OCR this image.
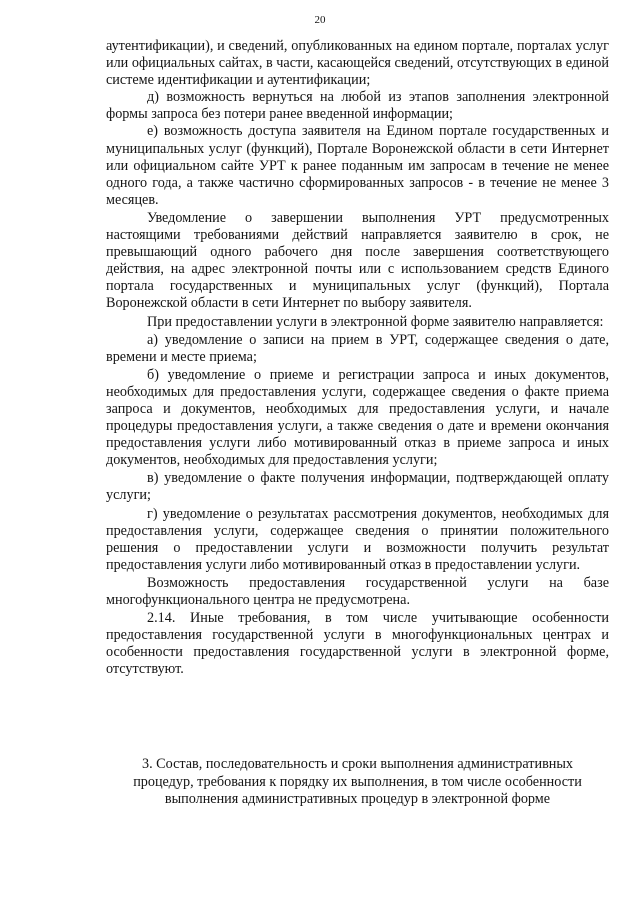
20

аутентификации), и сведений, опубликованных на едином портале, порталах услуг или официальных сайтах, в части, касающейся сведений, отсутствующих в единой системе идентификации и аутентификации;

д) возможность вернуться на любой из этапов заполнения электронной формы запроса без потери ранее введенной информации;

е) возможность доступа заявителя на Едином портале государственных и муниципальных услуг (функций), Портале Воронежской области в сети Интернет или официальном сайте УРТ к ранее поданным им запросам в течение не менее одного года, а также частично сформированных запросов - в течение не менее 3 месяцев.

Уведомление о завершении выполнения УРТ предусмотренных настоящими требованиями действий направляется заявителю в срок, не превышающий одного рабочего дня после завершения соответствующего действия, на адрес электронной почты или с использованием средств Единого портала государственных и муниципальных услуг (функций), Портала Воронежской области в сети Интернет по выбору заявителя.

При предоставлении услуги в электронной форме заявителю направляется:

а) уведомление о записи на прием в УРТ, содержащее сведения о дате, времени и месте приема;

б) уведомление о приеме и регистрации запроса и иных документов, необходимых для предоставления услуги, содержащее сведения о факте приема запроса и документов, необходимых для предоставления услуги, и начале процедуры предоставления услуги, а также сведения о дате и времени окончания предоставления услуги либо мотивированный отказ в приеме запроса и иных документов, необходимых для предоставления услуги;

в) уведомление о факте получения информации, подтверждающей оплату услуги;

г) уведомление о результатах рассмотрения документов, необходимых для предоставления услуги, содержащее сведения о принятии положительного решения о предоставлении услуги и возможности получить результат предоставления услуги либо мотивированный отказ в предоставлении услуги.

Возможность предоставления государственной услуги на базе многофункционального центра не предусмотрена.

2.14. Иные требования, в том числе учитывающие особенности предоставления государственной услуги в многофункциональных центрах и особенности предоставления государственной услуги в электронной форме, отсутствуют.

3. Состав, последовательность и сроки выполнения административных
процедур, требования к порядку их выполнения, в том числе особенности
выполнения административных процедур в электронной форме
